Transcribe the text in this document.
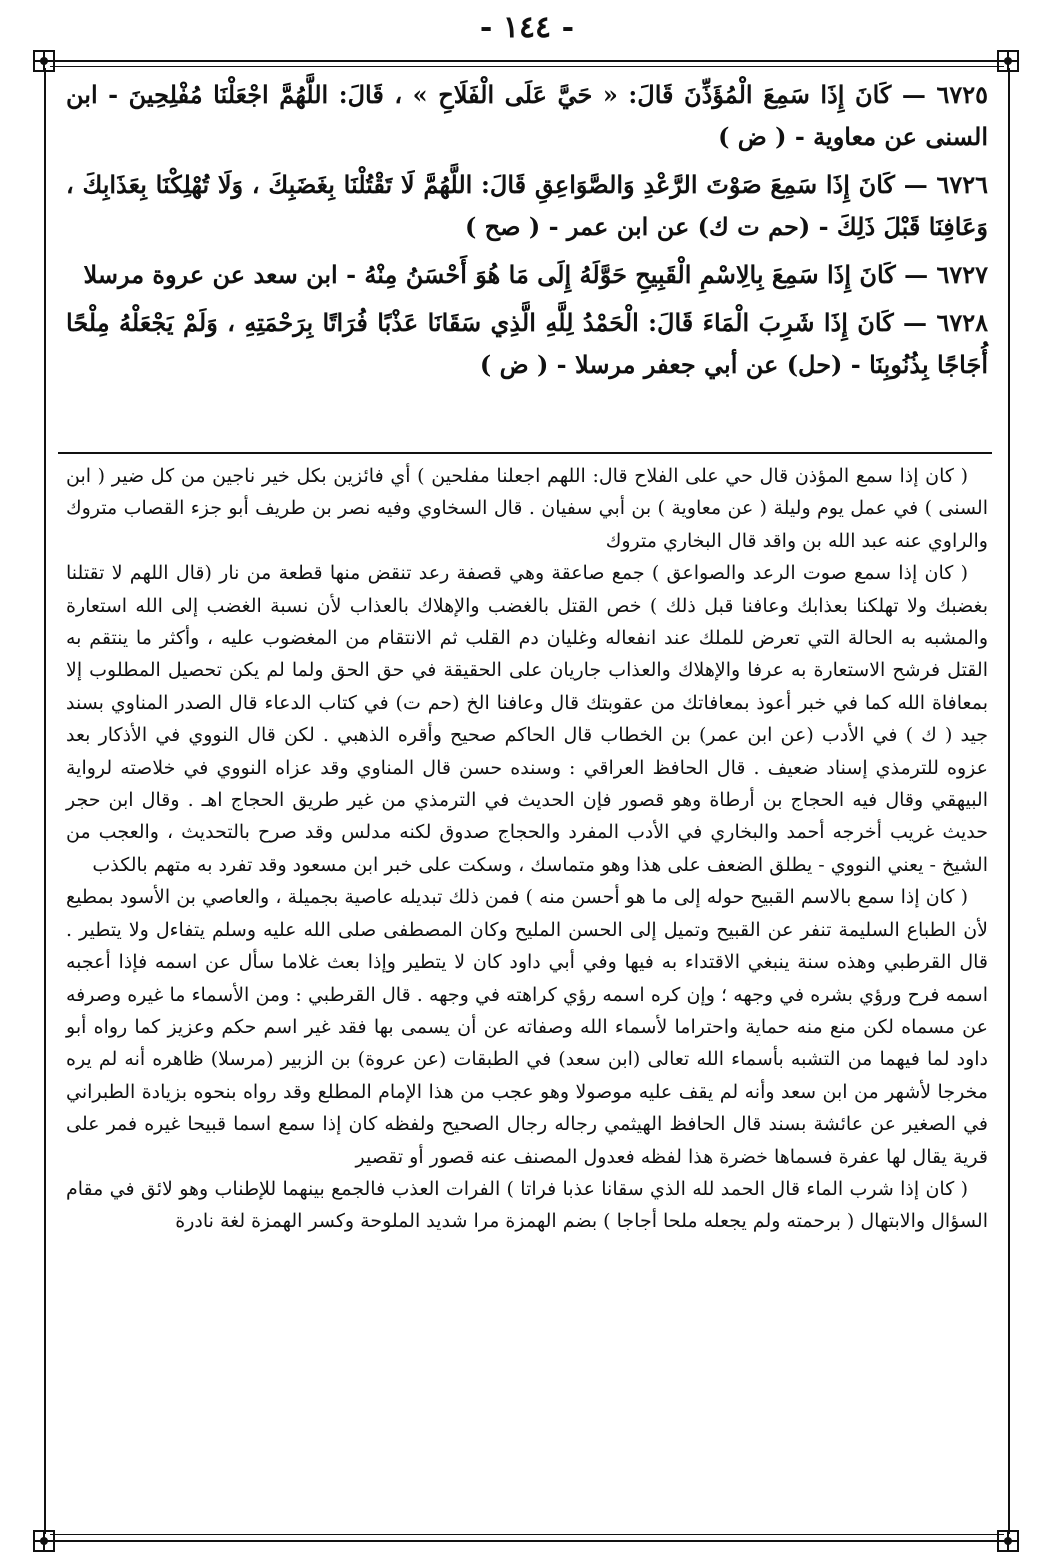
- ١٤٤ -

٦٧٢٥ — كَانَ إِذَا سَمِعَ الْمُؤَذِّنَ قَالَ: « حَيَّ عَلَى الْفَلَاحِ » ، قَالَ: اللَّهُمَّ اجْعَلْنَا مُفْلِحِينَ - ابن السنى عن معاوية - ( ض )

٦٧٢٦ — كَانَ إِذَا سَمِعَ صَوْتَ الرَّعْدِ وَالصَّوَاعِقِ قَالَ: اللَّهُمَّ لَا تَقْتُلْنَا بِغَضَبِكَ ، وَلَا تُهْلِكْنَا بِعَذَابِكَ ، وَعَافِنَا قَبْلَ ذَلِكَ - (حم ت ك) عن ابن عمر - ( صح )

٦٧٢٧ — كَانَ إِذَا سَمِعَ بِالِاسْمِ الْقَبِيحِ حَوَّلَهُ إِلَى مَا هُوَ أَحْسَنُ مِنْهُ - ابن سعد عن عروة مرسلا

٦٧٢٨ — كَانَ إِذَا شَرِبَ الْمَاءَ قَالَ: الْحَمْدُ لِلَّهِ الَّذِي سَقَانَا عَذْبًا فُرَاتًا بِرَحْمَتِهِ ، وَلَمْ يَجْعَلْهُ مِلْحًا أُجَاجًا بِذُنُوبِنَا - (حل) عن أبي جعفر مرسلا - ( ض )

( كان إذا سمع المؤذن قال حي على الفلاح قال: اللهم اجعلنا مفلحين ) أي فائزين بكل خير ناجين من كل ضير ( ابن السنى ) في عمل يوم وليلة ( عن معاوية ) بن أبي سفيان . قال السخاوي وفيه نصر بن طريف أبو جزء القصاب متروك والراوي عنه عبد الله بن واقد قال البخاري متروك

( كان إذا سمع صوت الرعد والصواعق ) جمع صاعقة وهي قصفة رعد تنقض منها قطعة من نار (قال اللهم لا تقتلنا بغضبك ولا تهلكنا بعذابك وعافنا قبل ذلك ) خص القتل بالغضب والإهلاك بالعذاب لأن نسبة الغضب إلى الله استعارة والمشبه به الحالة التي تعرض للملك عند انفعاله وغليان دم القلب ثم الانتقام من المغضوب عليه ، وأكثر ما ينتقم به القتل فرشح الاستعارة به عرفا والإهلاك والعذاب جاريان على الحقيقة في حق الحق ولما لم يكن تحصيل المطلوب إلا بمعافاة الله كما في خبر أعوذ بمعافاتك من عقوبتك قال وعافنا الخ (حم ت) في كتاب الدعاء قال الصدر المناوي بسند جيد ( ك ) في الأدب (عن ابن عمر) بن الخطاب قال الحاكم صحيح وأقره الذهبي . لكن قال النووي في الأذكار بعد عزوه للترمذي إسناد ضعيف . قال الحافظ العراقي : وسنده حسن قال المناوي وقد عزاه النووي في خلاصته لرواية البيهقي وقال فيه الحجاج بن أرطاة وهو قصور فإن الحديث في الترمذي من غير طريق الحجاج اهـ . وقال ابن حجر حديث غريب أخرجه أحمد والبخاري في الأدب المفرد والحجاج صدوق لكنه مدلس وقد صرح بالتحديث ، والعجب من الشيخ - يعني النووي - يطلق الضعف على هذا وهو متماسك ، وسكت على خبر ابن مسعود وقد تفرد به متهم بالكذب

( كان إذا سمع بالاسم القبيح حوله إلى ما هو أحسن منه ) فمن ذلك تبديله عاصية بجميلة ، والعاصي بن الأسود بمطيع لأن الطباع السليمة تنفر عن القبيح وتميل إلى الحسن المليح وكان المصطفى صلى الله عليه وسلم يتفاءل ولا يتطير . قال القرطبي وهذه سنة ينبغي الاقتداء به فيها وفي أبي داود كان لا يتطير وإذا بعث غلاما سأل عن اسمه فإذا أعجبه اسمه فرح ورؤي بشره في وجهه ؛ وإن كره اسمه رؤي كراهته في وجهه . قال القرطبي : ومن الأسماء ما غيره وصرفه عن مسماه لكن منع منه حماية واحتراما لأسماء الله وصفاته عن أن يسمى بها فقد غير اسم حكم وعزيز كما رواه أبو داود لما فيهما من التشبه بأسماء الله تعالى (ابن سعد) في الطبقات (عن عروة) بن الزبير (مرسلا) ظاهره أنه لم يره مخرجا لأشهر من ابن سعد وأنه لم يقف عليه موصولا وهو عجب من هذا الإمام المطلع وقد رواه بنحوه بزيادة الطبراني في الصغير عن عائشة بسند قال الحافظ الهيثمي رجاله رجال الصحيح ولفظه كان إذا سمع اسما قبيحا غيره فمر على قرية يقال لها عفرة فسماها خضرة هذا لفظه فعدول المصنف عنه قصور أو تقصير

( كان إذا شرب الماء قال الحمد لله الذي سقانا عذبا فراتا ) الفرات العذب فالجمع بينهما للإطناب وهو لائق في مقام السؤال والابتهال ( برحمته ولم يجعله ملحا أجاجا ) بضم الهمزة مرا شديد الملوحة وكسر الهمزة لغة نادرة
